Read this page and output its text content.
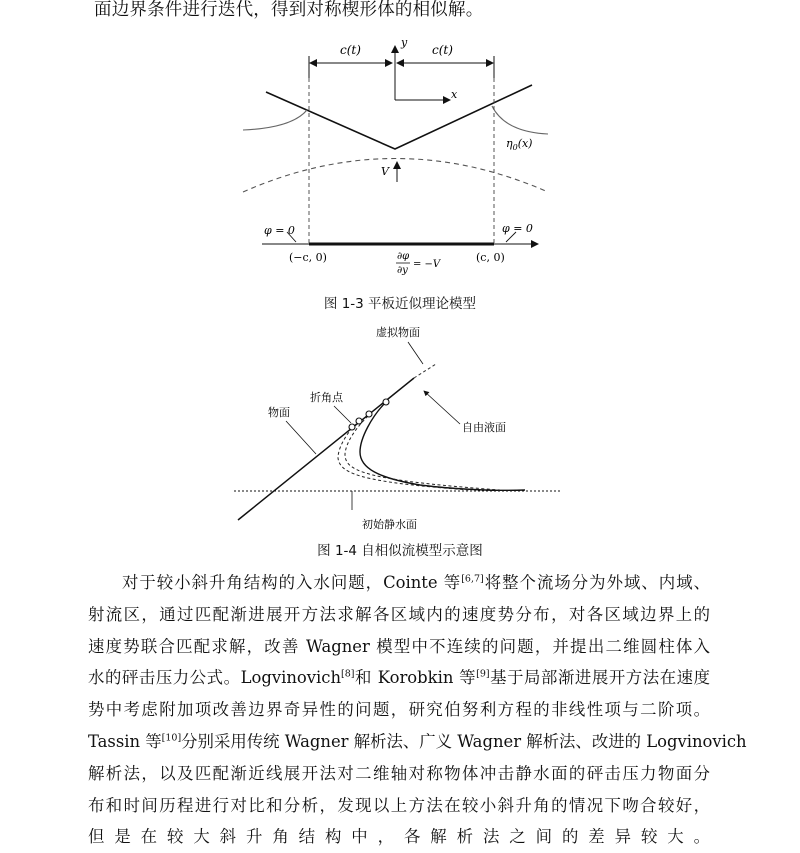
面边界条件进行迭代，得到对称楔形体的相似解。
c(t)	c(t)
y
x
$\eta_0(x)$
V
φ = 0	φ = 0
(−c, 0)	(c, 0)
∂φ
∂y
= −V
图 1-3 平板近似理论模型
虚拟物面
折角点
物面
自由液面
初始静水面
图 1-4 自相似流模型示意图
对于较小斜升角结构的入水问题，Cointe 等[6,7]将整个流场分为外域、内域、
射流区，通过匹配渐进展开方法求解各区域内的速度势分布，对各区域边界上的
速度势联合匹配求解，改善 Wagner 模型中不连续的问题，并提出二维圆柱体入
水的砰击压力公式。Logvinovich[8]和 Korobkin 等[9]基于局部渐进展开方法在速度
势中考虑附加项改善边界奇异性的问题，研究伯努利方程的非线性项与二阶项。
Tassin 等[10]分别采用传统 Wagner 解析法、广义 Wagner 解析法、改进的 Logvinovich
解析法，以及匹配渐近线展开法对二维轴对称物体冲击静水面的砰击压力物面分
布和时间历程进行对比和分析，发现以上方法在较小斜升角的情况下吻合较好，
但是在较大斜升角结构中，各解析法之间的差异较大。
